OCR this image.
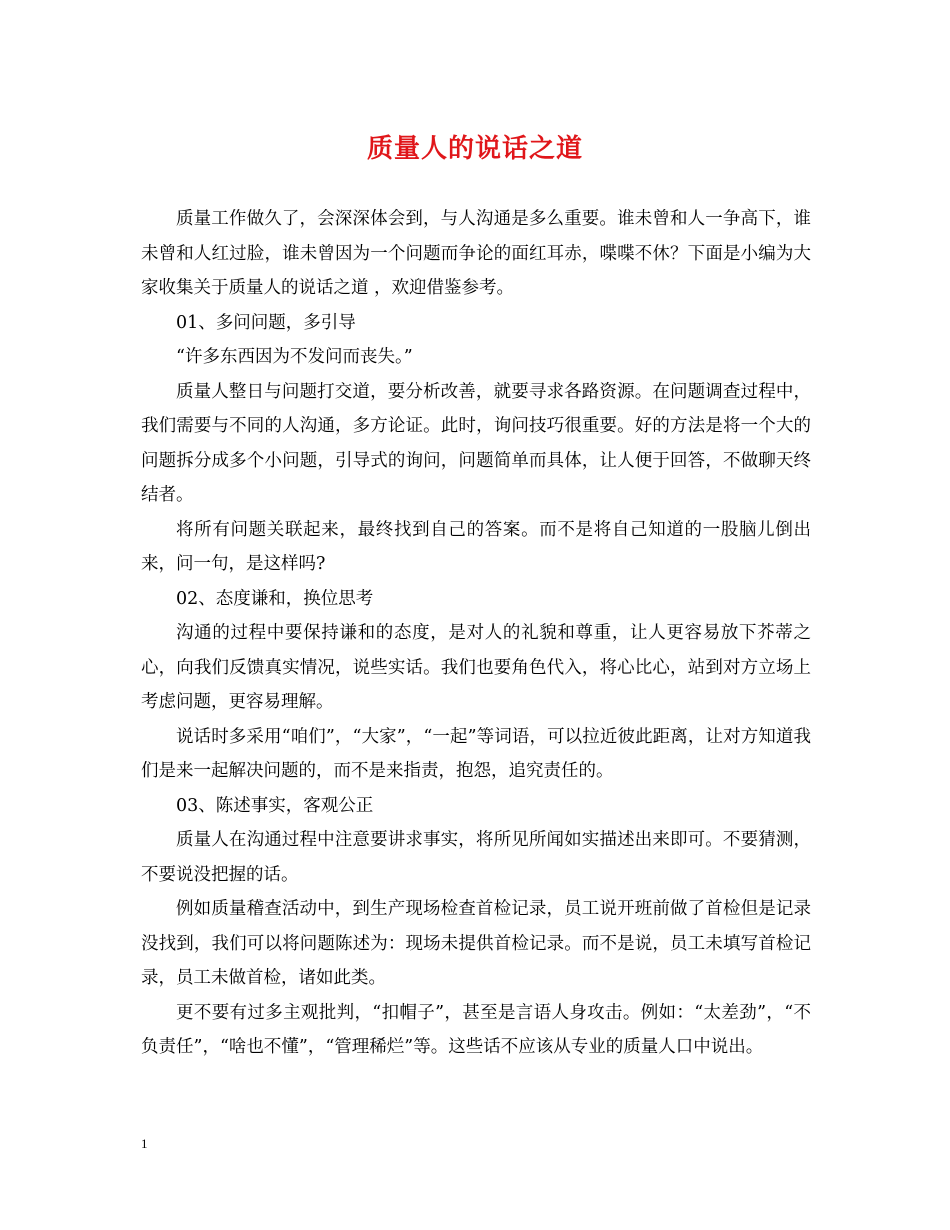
质量人的说话之道

质量工作做久了，会深深体会到，与人沟通是多么重要。谁未曾和人一争高下，谁未曾和人红过脸，谁未曾因为一个问题而争论的面红耳赤，喋喋不休？下面是小编为大家收集关于质量人的说话之道 ，欢迎借鉴参考。

01、多问问题，多引导

“许多东西因为不发问而丧失。”

质量人整日与问题打交道，要分析改善，就要寻求各路资源。在问题调查过程中，我们需要与不同的人沟通，多方论证。此时，询问技巧很重要。好的方法是将一个大的问题拆分成多个小问题，引导式的询问，问题简单而具体，让人便于回答，不做聊天终结者。

将所有问题关联起来，最终找到自己的答案。而不是将自己知道的一股脑儿倒出来，问一句，是这样吗?

02、态度谦和，换位思考

沟通的过程中要保持谦和的态度，是对人的礼貌和尊重，让人更容易放下芥蒂之心，向我们反馈真实情况，说些实话。我们也要角色代入，将心比心，站到对方立场上考虑问题，更容易理解。

说话时多采用“咱们”，“大家”，“一起”等词语，可以拉近彼此距离，让对方知道我们是来一起解决问题的，而不是来指责，抱怨，追究责任的。

03、陈述事实，客观公正

质量人在沟通过程中注意要讲求事实，将所见所闻如实描述出来即可。不要猜测，不要说没把握的话。

例如质量稽查活动中，到生产现场检查首检记录，员工说开班前做了首检但是记录没找到，我们可以将问题陈述为：现场未提供首检记录。而不是说，员工未填写首检记录，员工未做首检，诸如此类。

更不要有过多主观批判，“扣帽子”，甚至是言语人身攻击。例如：“太差劲”，“不负责任”，“啥也不懂”，“管理稀烂”等。这些话不应该从专业的质量人口中说出。

1
